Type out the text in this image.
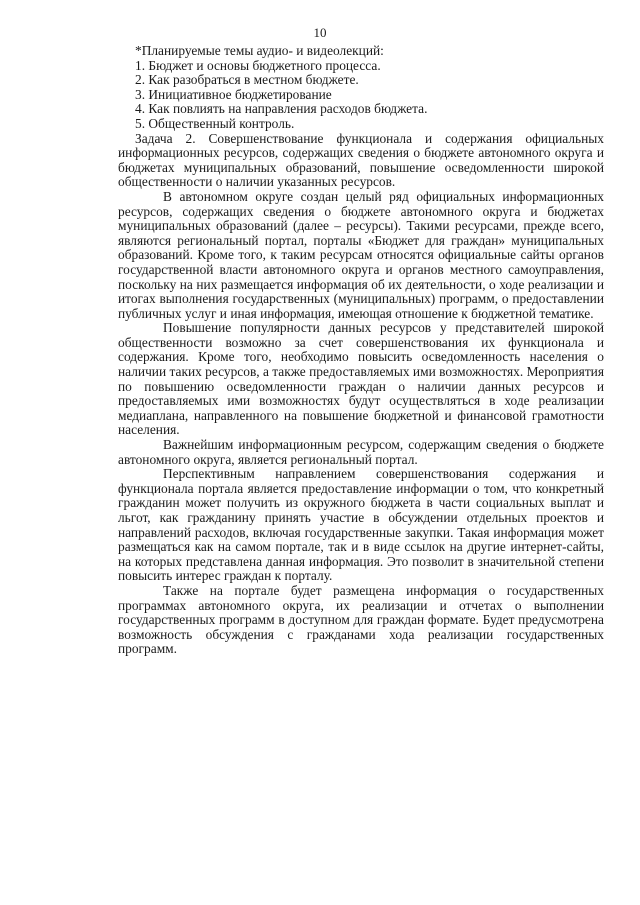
10

*Планируемые темы аудио- и видеолекций:

1. Бюджет и основы бюджетного процесса.

2. Как разобраться в местном бюджете.

3. Инициативное бюджетирование

4. Как повлиять на направления расходов бюджета.

5. Общественный контроль.

Задача 2. Совершенствование функционала и содержания официальных информационных ресурсов, содержащих сведения о бюджете автономного округа и бюджетах муниципальных образований, повышение осведомленности широкой общественности о наличии указанных ресурсов.

В автономном округе создан целый ряд официальных информационных ресурсов, содержащих сведения о бюджете автономного округа и бюджетах муниципальных образований (далее – ресурсы). Такими ресурсами, прежде всего, являются региональный портал, порталы «Бюджет для граждан» муниципальных образований. Кроме того, к таким ресурсам относятся официальные сайты органов государственной власти автономного округа и органов местного самоуправления, поскольку на них размещается информация об их деятельности, о ходе реализации и итогах выполнения государственных (муниципальных) программ, о предоставлении публичных услуг и иная информация, имеющая отношение к бюджетной тематике.

Повышение популярности данных ресурсов у представителей широкой общественности возможно за счет совершенствования их функционала и содержания. Кроме того, необходимо повысить осведомленность населения о наличии таких ресурсов, а также предоставляемых ими возможностях. Мероприятия по повышению осведомленности граждан о наличии данных ресурсов и предоставляемых ими возможностях будут осуществляться в ходе реализации медиаплана, направленного на повышение бюджетной и финансовой грамотности населения.

Важнейшим информационным ресурсом, содержащим сведения о бюджете автономного округа, является региональный портал.

Перспективным направлением совершенствования содержания и функционала портала является предоставление информации о том, что конкретный гражданин может получить из окружного бюджета в части социальных выплат и льгот, как гражданину принять участие в обсуждении отдельных проектов и направлений расходов, включая государственные закупки. Такая информация может размещаться как на самом портале, так и в виде ссылок на другие интернет-сайты, на которых представлена данная информация. Это позволит в значительной степени повысить интерес граждан к порталу.

Также на портале будет размещена информация о государственных программах автономного округа, их реализации и отчетах о выполнении государственных программ в доступном для граждан формате. Будет предусмотрена возможность обсуждения с гражданами хода реализации государственных программ.
